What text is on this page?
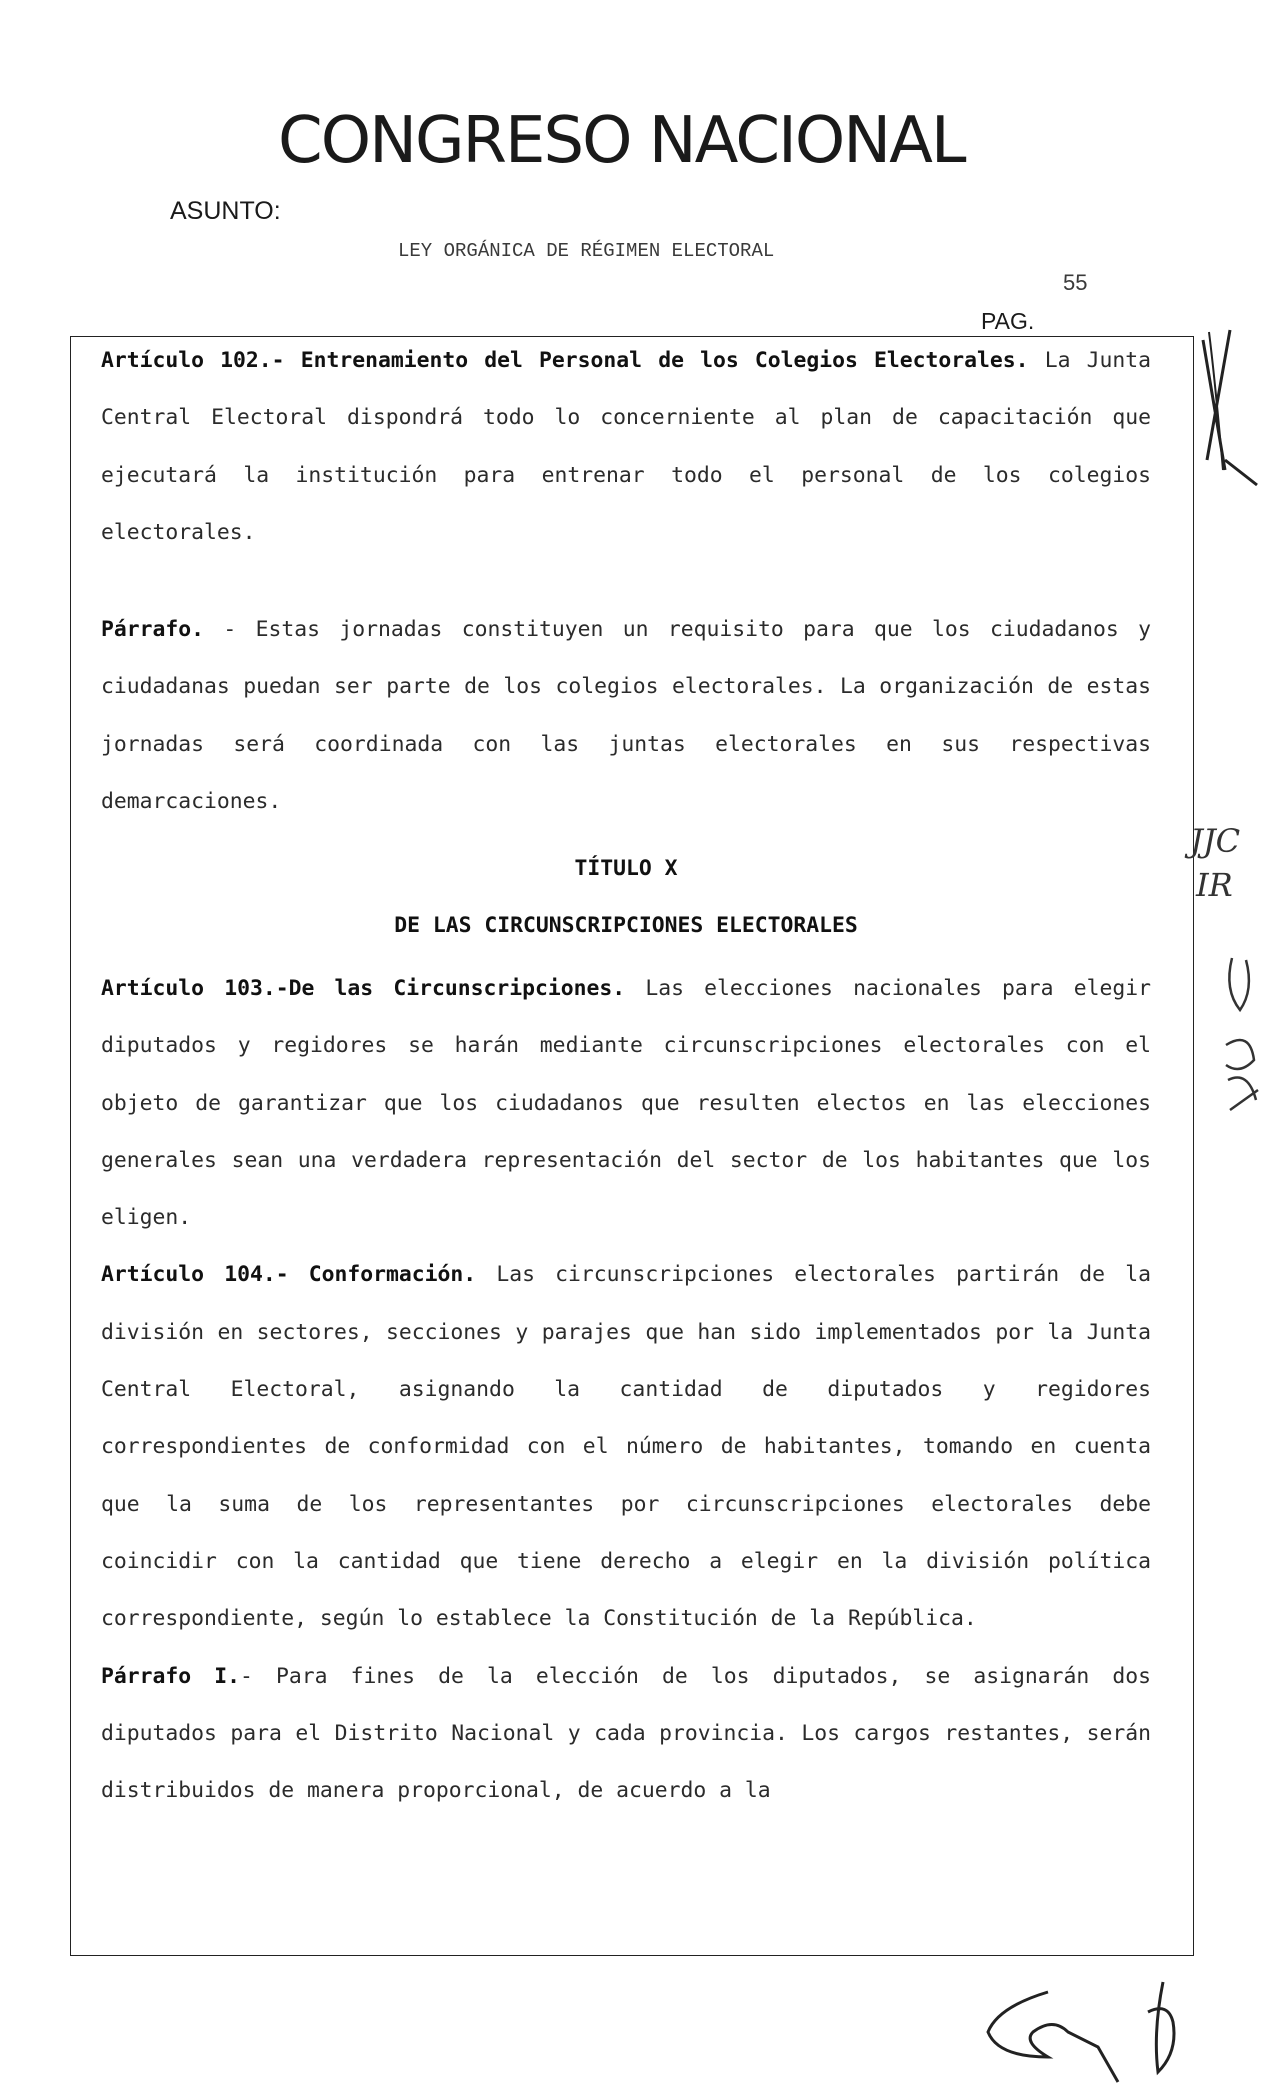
CONGRESO NACIONAL
ASUNTO:
LEY ORGÁNICA DE RÉGIMEN ELECTORAL
55
PAG.

Artículo 102.- Entrenamiento del Personal de los Colegios Electorales. La Junta Central Electoral dispondrá todo lo concerniente al plan de capacitación que ejecutará la institución para entrenar todo el personal de los colegios electorales.

Párrafo. - Estas jornadas constituyen un requisito para que los ciudadanos y ciudadanas puedan ser parte de los colegios electorales. La organización de estas jornadas será coordinada con las juntas electorales en sus respectivas demarcaciones.

TÍTULO X
DE LAS CIRCUNSCRIPCIONES ELECTORALES

Artículo 103.-De las Circunscripciones. Las elecciones nacionales para elegir diputados y regidores se harán mediante circunscripciones electorales con el objeto de garantizar que los ciudadanos que resulten electos en las elecciones generales sean una verdadera representación del sector de los habitantes que los eligen.

Artículo 104.- Conformación. Las circunscripciones electorales partirán de la división en sectores, secciones y parajes que han sido implementados por la Junta Central Electoral, asignando la cantidad de diputados y regidores correspondientes de conformidad con el número de habitantes, tomando en cuenta que la suma de los representantes por circunscripciones electorales debe coincidir con la cantidad que tiene derecho a elegir en la división política correspondiente, según lo establece la Constitución de la República.

Párrafo I.- Para fines de la elección de los diputados, se asignarán dos diputados para el Distrito Nacional y cada provincia. Los cargos restantes, serán distribuidos de manera proporcional, de acuerdo a la

JJC
IR
